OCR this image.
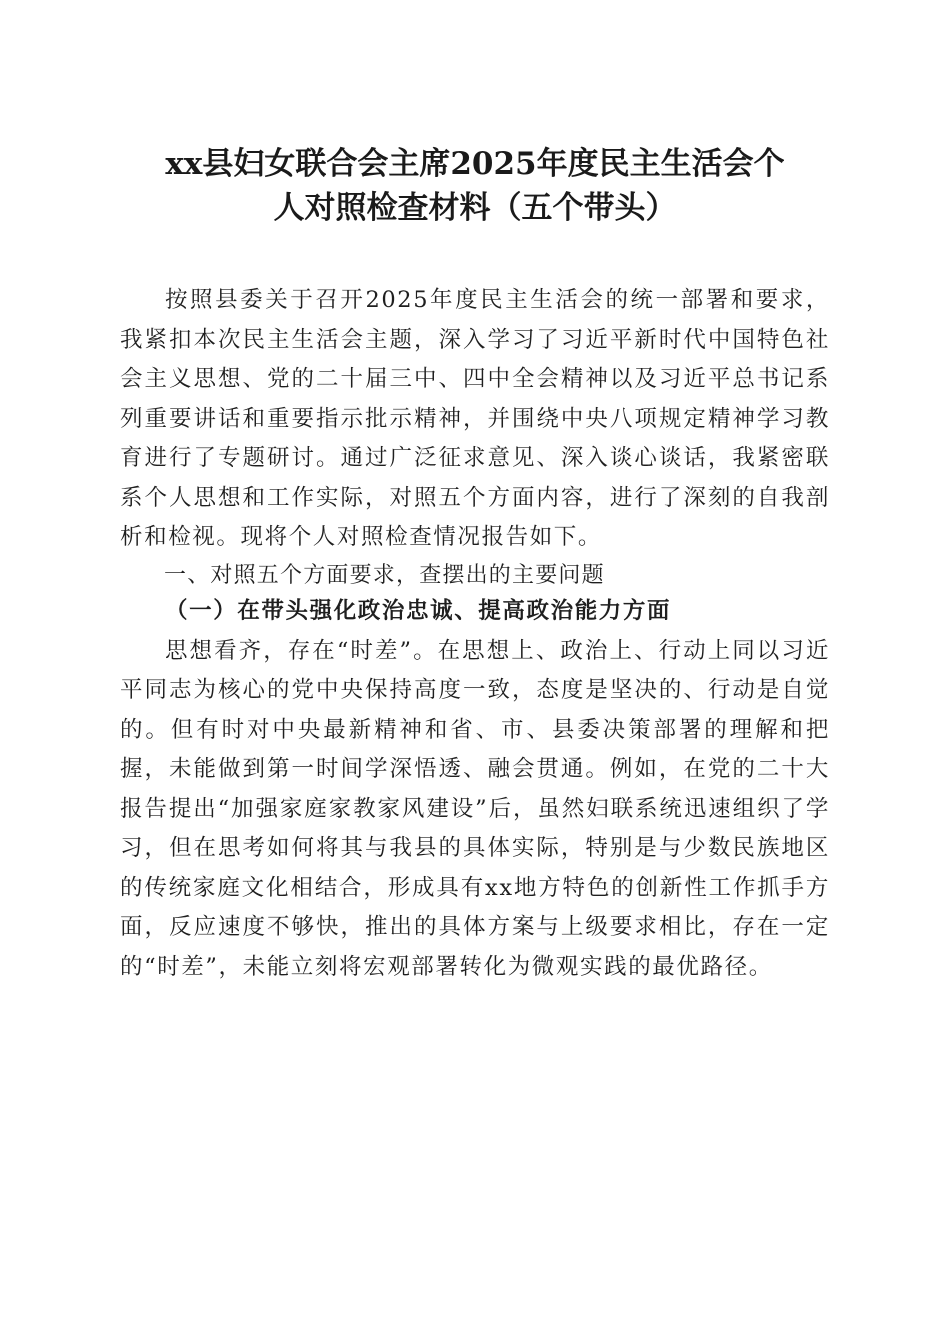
xx县妇女联合会主席2025年度民主生活会个
人对照检查材料（五个带头）

按照县委关于召开2025年度民主生活会的统一部署和要求，我紧扣本次民主生活会主题，深入学习了习近平新时代中国特色社会主义思想、党的二十届三中、四中全会精神以及习近平总书记系列重要讲话和重要指示批示精神，并围绕中央八项规定精神学习教育进行了专题研讨。通过广泛征求意见、深入谈心谈话，我紧密联系个人思想和工作实际，对照五个方面内容，进行了深刻的自我剖析和检视。现将个人对照检查情况报告如下。

一、对照五个方面要求，查摆出的主要问题

（一）在带头强化政治忠诚、提高政治能力方面

思想看齐，存在“时差”。在思想上、政治上、行动上同以习近平同志为核心的党中央保持高度一致，态度是坚决的、行动是自觉的。但有时对中央最新精神和省、市、县委决策部署的理解和把握，未能做到第一时间学深悟透、融会贯通。例如，在党的二十大报告提出“加强家庭家教家风建设”后，虽然妇联系统迅速组织了学习，但在思考如何将其与我县的具体实际，特别是与少数民族地区的传统家庭文化相结合，形成具有xx地方特色的创新性工作抓手方面，反应速度不够快，推出的具体方案与上级要求相比，存在一定的“时差”，未能立刻将宏观部署转化为微观实践的最优路径。
